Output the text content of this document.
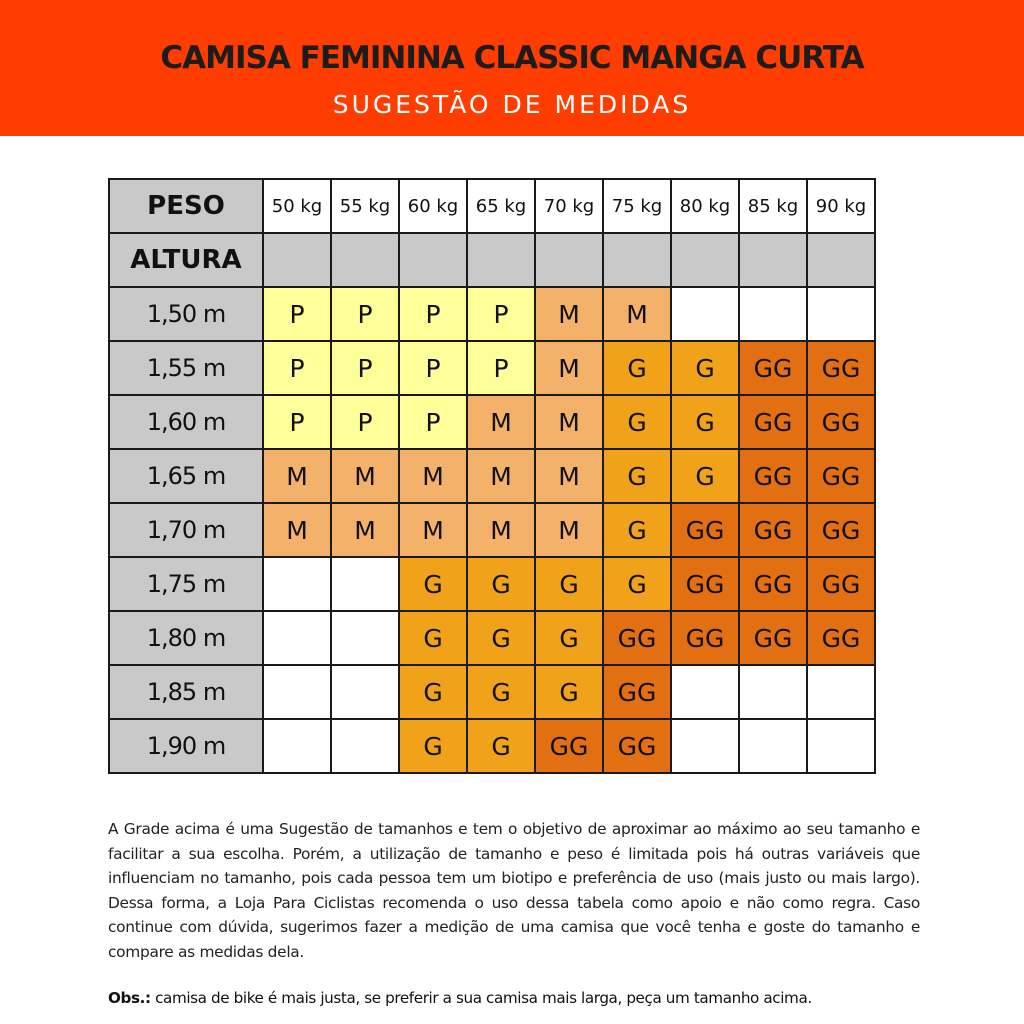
CAMISA FEMININA CLASSIC MANGA CURTA
SUGESTÃO DE MEDIDAS
PESO	50 kg	55 kg	60 kg	65 kg	70 kg	75 kg	80 kg	85 kg	90 kg
ALTURA									
1,50 m	P	P	P	P	M	M			
1,55 m	P	P	P	P	M	G	G	GG	GG
1,60 m	P	P	P	M	M	G	G	GG	GG
1,65 m	M	M	M	M	M	G	G	GG	GG
1,70 m	M	M	M	M	M	G	GG	GG	GG
1,75 m			G	G	G	G	GG	GG	GG
1,80 m			G	G	G	GG	GG	GG	GG
1,85 m			G	G	G	GG			
1,90 m			G	G	GG	GG			
A Grade acima é uma Sugestão de tamanhos e tem o objetivo de aproximar ao máximo ao seu tamanho e facilitar a sua escolha. Porém, a utilização de tamanho e peso é limitada pois há outras variáveis que influenciam no tamanho, pois cada pessoa tem um biotipo e preferência de uso (mais justo ou mais largo). Dessa forma, a Loja Para Ciclistas recomenda o uso dessa tabela como apoio e não como regra. Caso continue com dúvida, sugerimos fazer a medição de uma camisa que você tenha e goste do tamanho e compare as medidas dela.
Obs.: camisa de bike é mais justa, se preferir a sua camisa mais larga, peça um tamanho acima.
